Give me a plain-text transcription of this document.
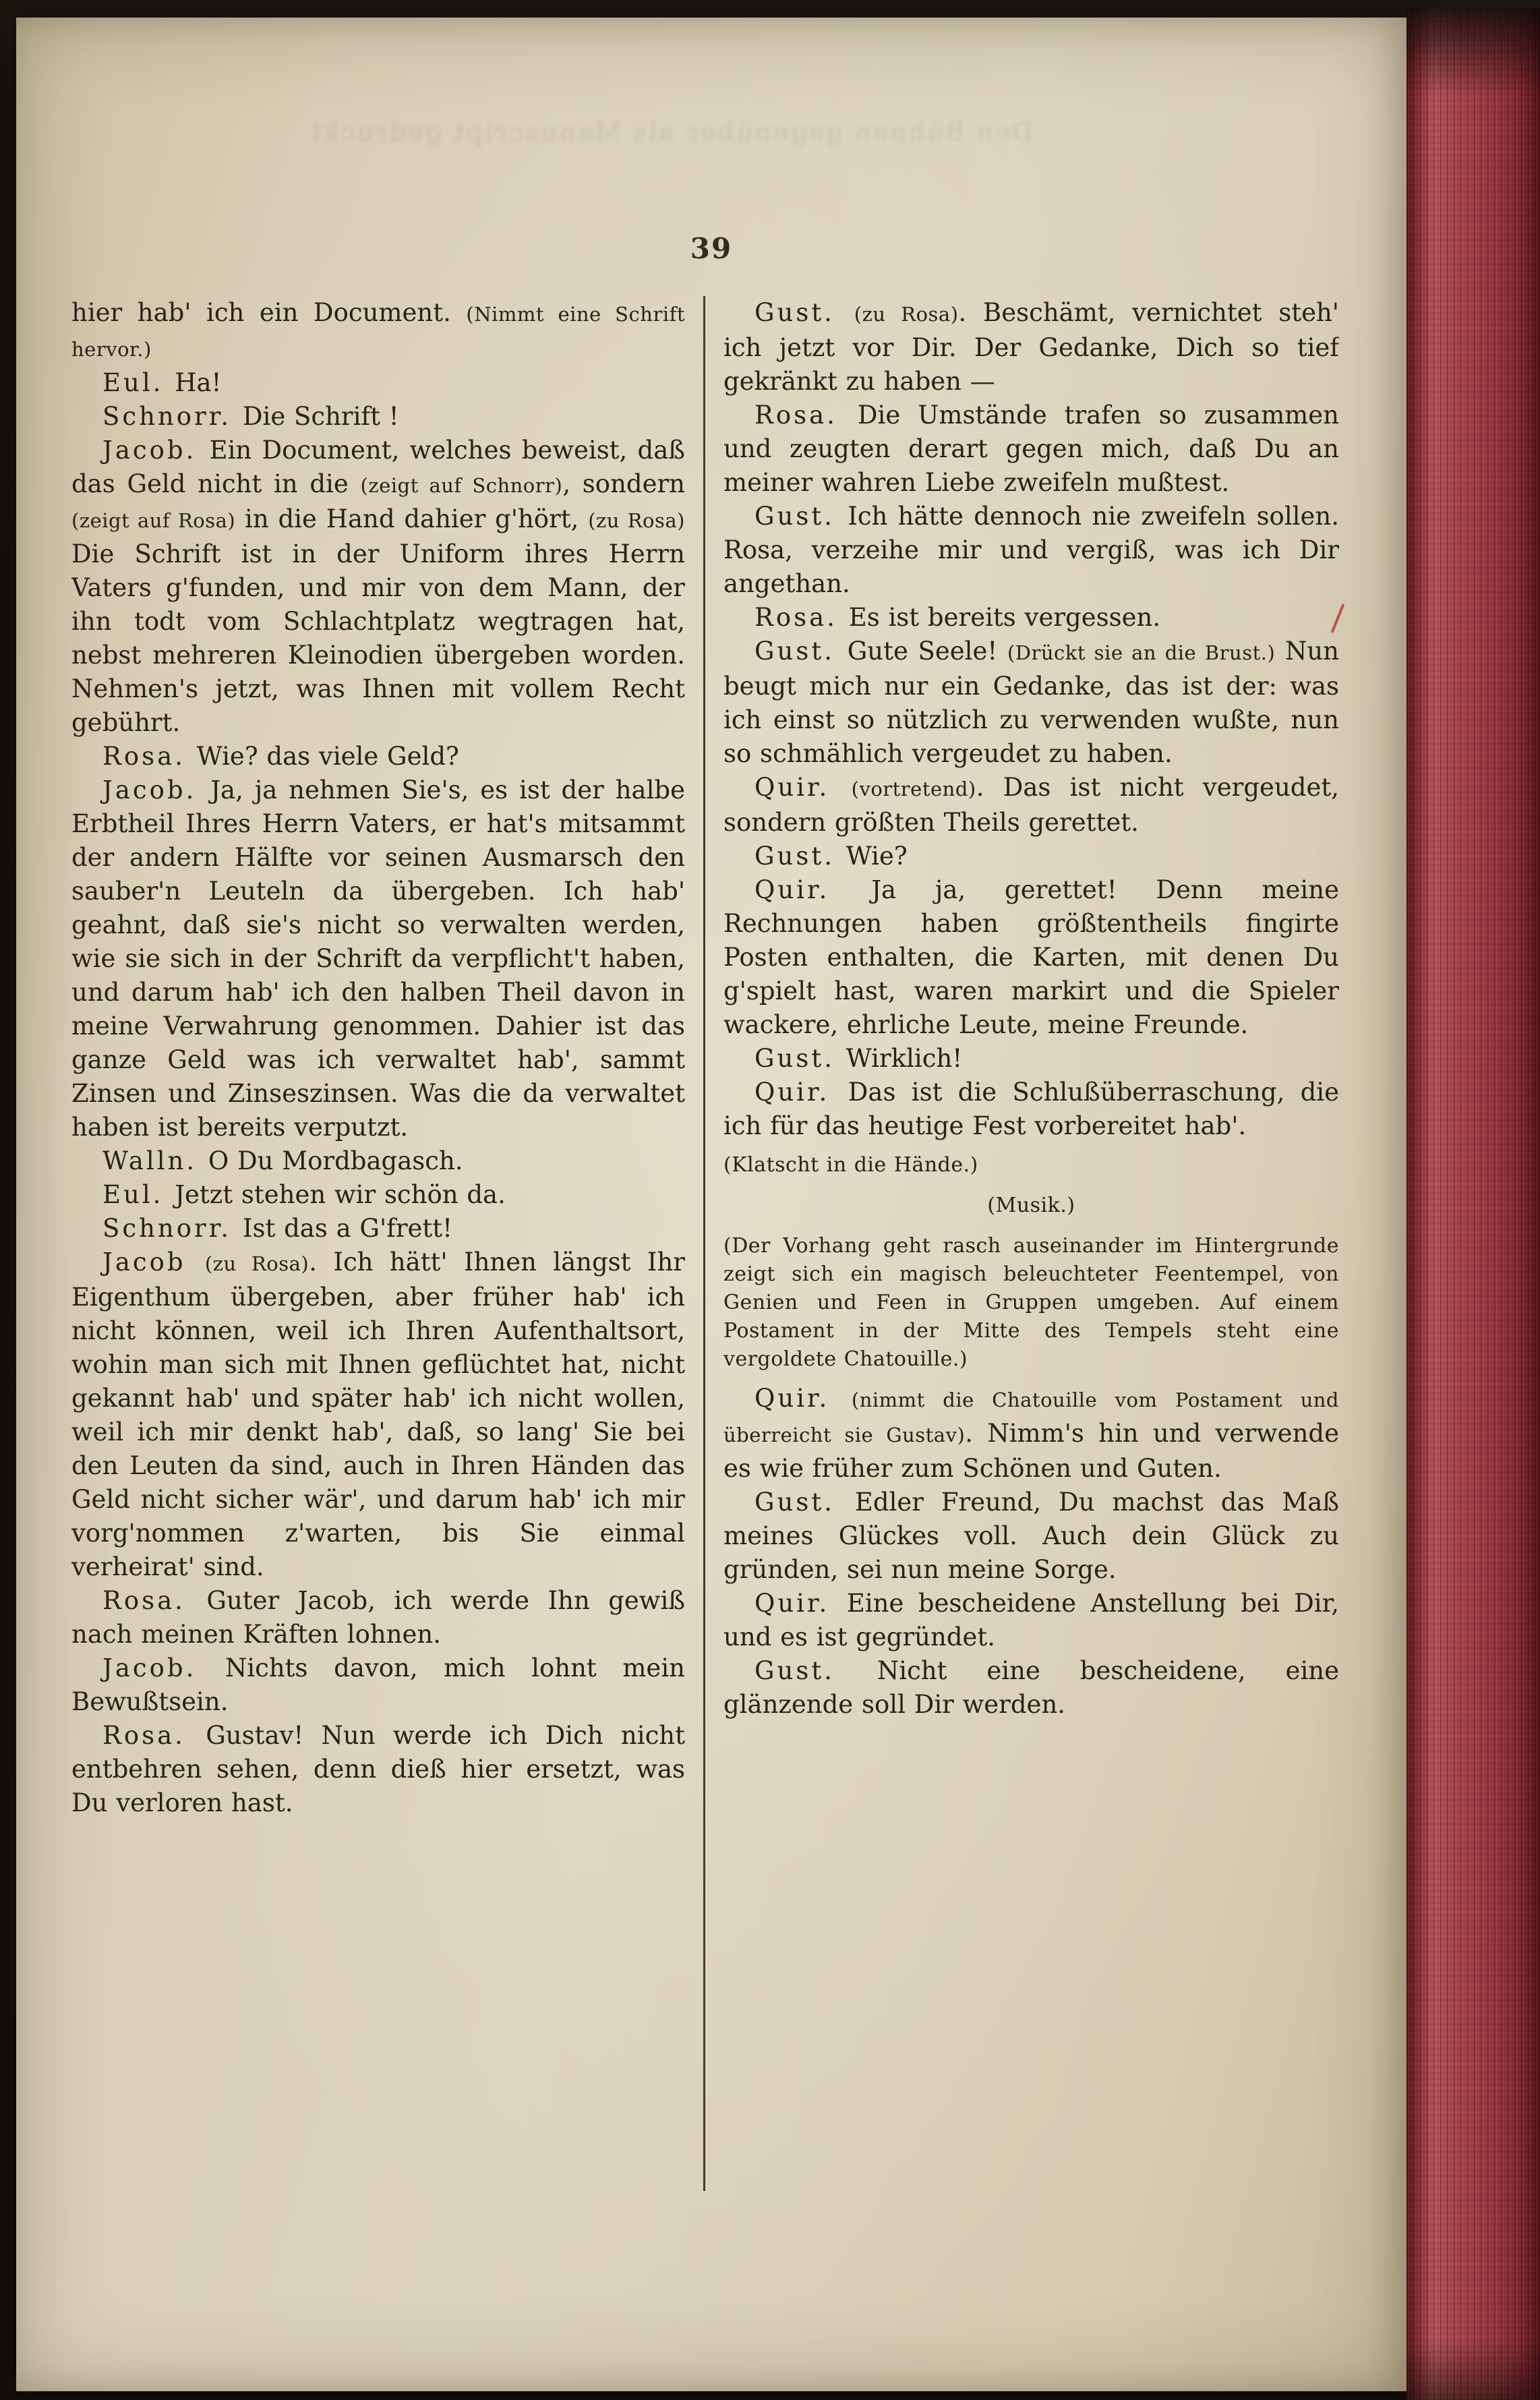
Den Bühnen gegenüber als Manuscript gedruckt
39

hier hab' ich ein Document. (Nimmt eine Schrift hervor.)

Eul. Ha!

Schnorr. Die Schrift !

Jacob. Ein Document, welches beweist, daß das Geld nicht in die (zeigt auf Schnorr), sondern (zeigt auf Rosa) in die Hand dahier g'hört, (zu Rosa) Die Schrift ist in der Uniform ihres Herrn Vaters g'funden, und mir von dem Mann, der ihn todt vom Schlachtplatz wegtragen hat, nebst mehreren Kleinodien übergeben worden. Nehmen's jetzt, was Ihnen mit vollem Recht gebührt.

Rosa. Wie? das viele Geld?

Jacob. Ja, ja nehmen Sie's, es ist der halbe Erbtheil Ihres Herrn Vaters, er hat's mitsammt der andern Hälfte vor seinen Ausmarsch den sauber'n Leuteln da übergeben. Ich hab' geahnt, daß sie's nicht so verwalten werden, wie sie sich in der Schrift da verpflicht't haben, und darum hab' ich den halben Theil davon in meine Verwahrung genommen. Dahier ist das ganze Geld was ich verwaltet hab', sammt Zinsen und Zinseszinsen. Was die da verwaltet haben ist bereits verputzt.

Walln. O Du Mordbagasch.

Eul. Jetzt stehen wir schön da.

Schnorr. Ist das a G'frett!

Jacob (zu Rosa). Ich hätt' Ihnen längst Ihr Eigenthum übergeben, aber früher hab' ich nicht können, weil ich Ihren Aufenthaltsort, wohin man sich mit Ihnen geflüchtet hat, nicht gekannt hab' und später hab' ich nicht wollen, weil ich mir denkt hab', daß, so lang' Sie bei den Leuten da sind, auch in Ihren Händen das Geld nicht sicher wär', und darum hab' ich mir vorg'nommen z'warten, bis Sie einmal verheirat' sind.

Rosa. Guter Jacob, ich werde Ihn gewiß nach meinen Kräften lohnen.

Jacob. Nichts davon, mich lohnt mein Bewußtsein.

Rosa. Gustav! Nun werde ich Dich nicht entbehren sehen, denn dieß hier ersetzt, was Du verloren hast.

Gust. (zu Rosa). Beschämt, vernichtet steh' ich jetzt vor Dir. Der Gedanke, Dich so tief gekränkt zu haben —

Rosa. Die Umstände trafen so zusammen und zeugten derart gegen mich, daß Du an meiner wahren Liebe zweifeln mußtest.

Gust. Ich hätte dennoch nie zweifeln sollen. Rosa, verzeihe mir und vergiß, was ich Dir angethan.

Rosa. Es ist bereits vergessen.

Gust. Gute Seele! (Drückt sie an die Brust.) Nun beugt mich nur ein Gedanke, das ist der: was ich einst so nützlich zu verwenden wußte, nun so schmählich vergeudet zu haben.

Quir. (vortretend). Das ist nicht vergeudet, sondern größten Theils gerettet.

Gust. Wie?

Quir. Ja ja, gerettet! Denn meine Rechnungen haben größtentheils fingirte Posten enthalten, die Karten, mit denen Du g'spielt hast, waren markirt und die Spieler wackere, ehrliche Leute, meine Freunde.

Gust. Wirklich!

Quir. Das ist die Schlußüberraschung, die ich für das heutige Fest vorbereitet hab'.

(Klatscht in die Hände.)

(Musik.)

(Der Vorhang geht rasch auseinander im Hintergrunde zeigt sich ein magisch beleuchteter Feentempel, von Genien und Feen in Gruppen umgeben. Auf einem Postament in der Mitte des Tempels steht eine vergoldete Chatouille.)

Quir. (nimmt die Chatouille vom Postament und überreicht sie Gustav). Nimm's hin und verwende es wie früher zum Schönen und Guten.

Gust. Edler Freund, Du machst das Maß meines Glückes voll. Auch dein Glück zu gründen, sei nun meine Sorge.

Quir. Eine bescheidene Anstellung bei Dir, und es ist gegründet.

Gust. Nicht eine bescheidene, eine glänzende soll Dir werden.
